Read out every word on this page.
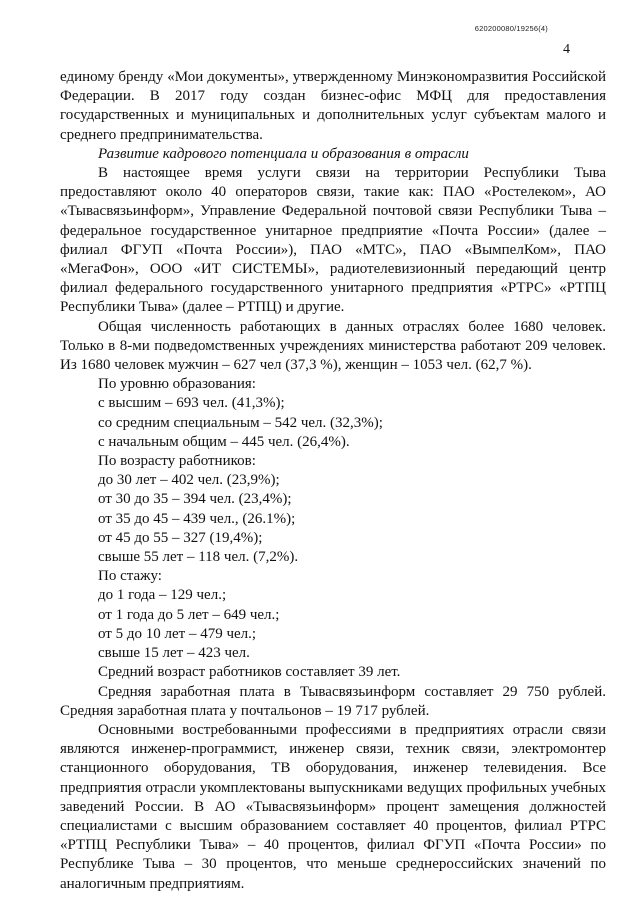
620200080/19256(4)
4

единому бренду «Мои документы», утвержденному Минэкономразвития Российской Федерации. В 2017 году создан бизнес-офис МФЦ для предоставления государственных и муниципальных и дополнительных услуг субъектам малого и среднего предпринимательства.

Развитие кадрового потенциала и образования в отрасли

В настоящее время услуги связи на территории Республики Тыва предоставляют около 40 операторов связи, такие как: ПАО «Ростелеком», АО «Тывасвязьинформ», Управление Федеральной почтовой связи Республики Тыва – федеральное государственное унитарное предприятие «Почта России» (далее – филиал ФГУП «Почта России»), ПАО «МТС», ПАО «ВымпелКом», ПАО «МегаФон», ООО «ИТ СИСТЕМЫ», радиотелевизионный передающий центр филиал федерального государственного унитарного предприятия «РТРС» «РТПЦ Республики Тыва» (далее – РТПЦ) и другие.

Общая численность работающих в данных отраслях более 1680 человек. Только в 8-ми подведомственных учреждениях министерства работают 209 человек. Из 1680 человек мужчин – 627 чел (37,3 %), женщин – 1053 чел. (62,7 %).

По уровню образования:

с высшим – 693 чел. (41,3%);

со средним специальным – 542 чел. (32,3%);

с начальным общим – 445 чел. (26,4%).

По возрасту работников:

до 30 лет – 402 чел. (23,9%);

от 30 до 35 – 394 чел. (23,4%);

от 35 до 45 – 439 чел., (26.1%);

от 45 до 55 – 327 (19,4%);

свыше 55 лет – 118 чел. (7,2%).

По стажу:

до 1 года – 129 чел.;

от 1 года до 5 лет – 649 чел.;

от 5 до 10 лет – 479 чел.;

свыше 15 лет – 423 чел.

Средний возраст работников составляет 39 лет.

Средняя заработная плата в Тывасвязьинформ составляет 29 750 рублей. Средняя заработная плата у почтальонов – 19 717 рублей.

Основными востребованными профессиями в предприятиях отрасли связи являются инженер-программист, инженер связи, техник связи, электромонтер станционного оборудования, ТВ оборудования, инженер телевидения. Все предприятия отрасли укомплектованы выпускниками ведущих профильных учебных заведений России. В АО «Тывасвязьинформ» процент замещения должностей специалистами с высшим образованием составляет 40 процентов, филиал РТРС «РТПЦ Республики Тыва» – 40 процентов, филиал ФГУП «Почта России» по Республике Тыва – 30 процентов, что меньше среднероссийских значений по аналогичным предприятиям.
